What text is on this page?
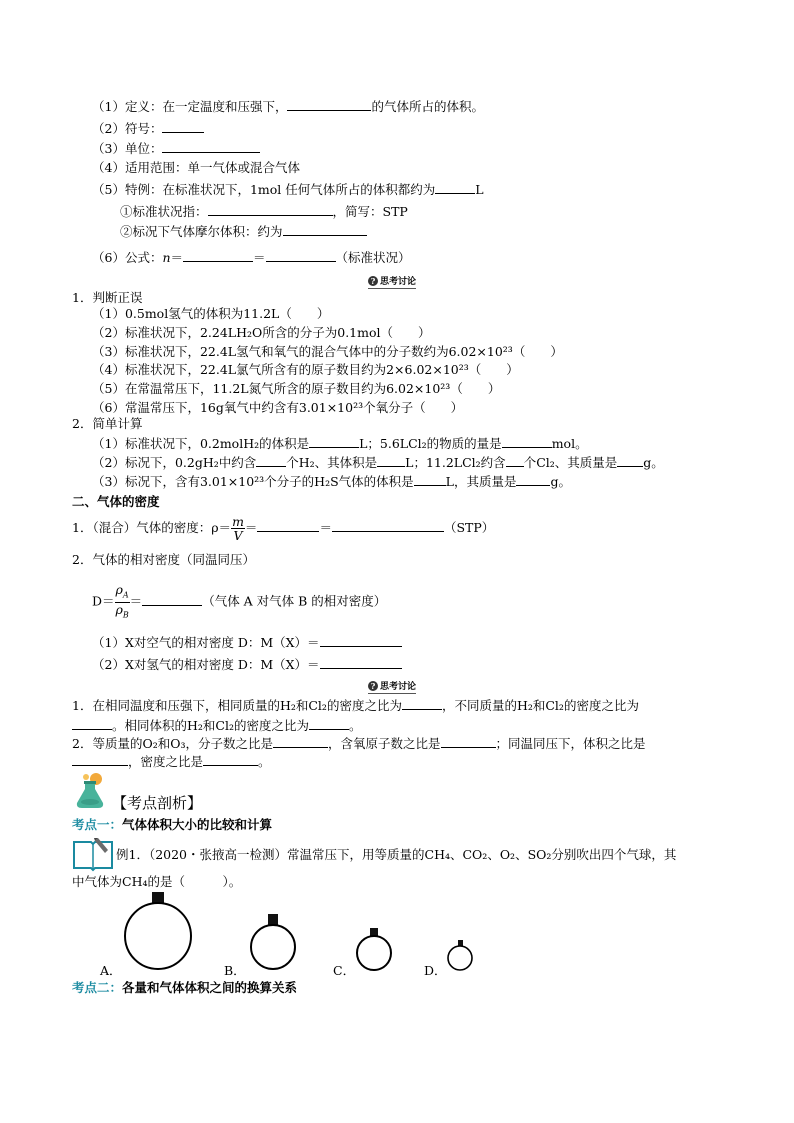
（1）定义：在一定温度和压强下，	的气体所占的体积。
（2）符号：
（3）单位：
（4）适用范围：单一气体或混合气体
（5）特例：在标准状况下，1mol 任何气体所占的体积都约为	L
①标准状况指：	，简写：STP
②标况下气体摩尔体积：约为
（6）公式：n＝	＝	（标准状况）
? 思考讨论
1．判断正误
（1）0.5mol氢气的体积为11.2L（　　）
（2）标准状况下，2.24LH₂O所含的分子为0.1mol（　　）
（3）标准状况下，22.4L氢气和氧气的混合气体中的分子数约为6.02×10²³（　　）
（4）标准状况下，22.4L氯气所含有的原子数目约为2×6.02×10²³（　　）
（5）在常温常压下，11.2L氮气所含的原子数目约为6.02×10²³（　　）
（6）常温常压下，16g氧气中约含有3.01×10²³个氧分子（　　）
2．简单计算
（1）标准状况下，0.2molH₂的体积是	L；5.6LCl₂的物质的量是	mol。
（2）标况下，0.2gH₂中约含 个H₂、其体积是 L；11.2LCl₂约含 个Cl₂、其质量是 g。
（3）标况下，含有3.01×10²³个分子的H₂S气体的体积是	L，其质量是	g。
二、气体的密度
1．（混合）气体的密度：$\rho= \frac{m}{V}$ ＝	＝	（STP）
2．气体的相对密度（同温同压）
$D= \frac{\rho_A}{\rho_B}$ ＝	（气体 A 对气体 B 的相对密度）
（1）X对空气的相对密度 D：M（X）＝
（2）X对氢气的相对密度 D：M（X）＝
? 思考讨论
1．在相同温度和压强下，相同质量的H₂和Cl₂的密度之比为	，不同质量的H₂和Cl₂的密度之比为
。相同体积的H₂和Cl₂的密度之比为	。
2．等质量的O₂和O₃，分子数之比是	，含氧原子数之比是	；同温同压下，体积之比是
，密度之比是	。
【考点剖析】
考点一：气体体积大小的比较和计算
例1．（2020・张掖高一检测）常温常压下，用等质量的CH₄、CO₂、O₂、SO₂分别吹出四个气球，其
中气体为CH₄的是（　　　）。
A．	B．	C．	D．
考点二：各量和气体体积之间的换算关系
